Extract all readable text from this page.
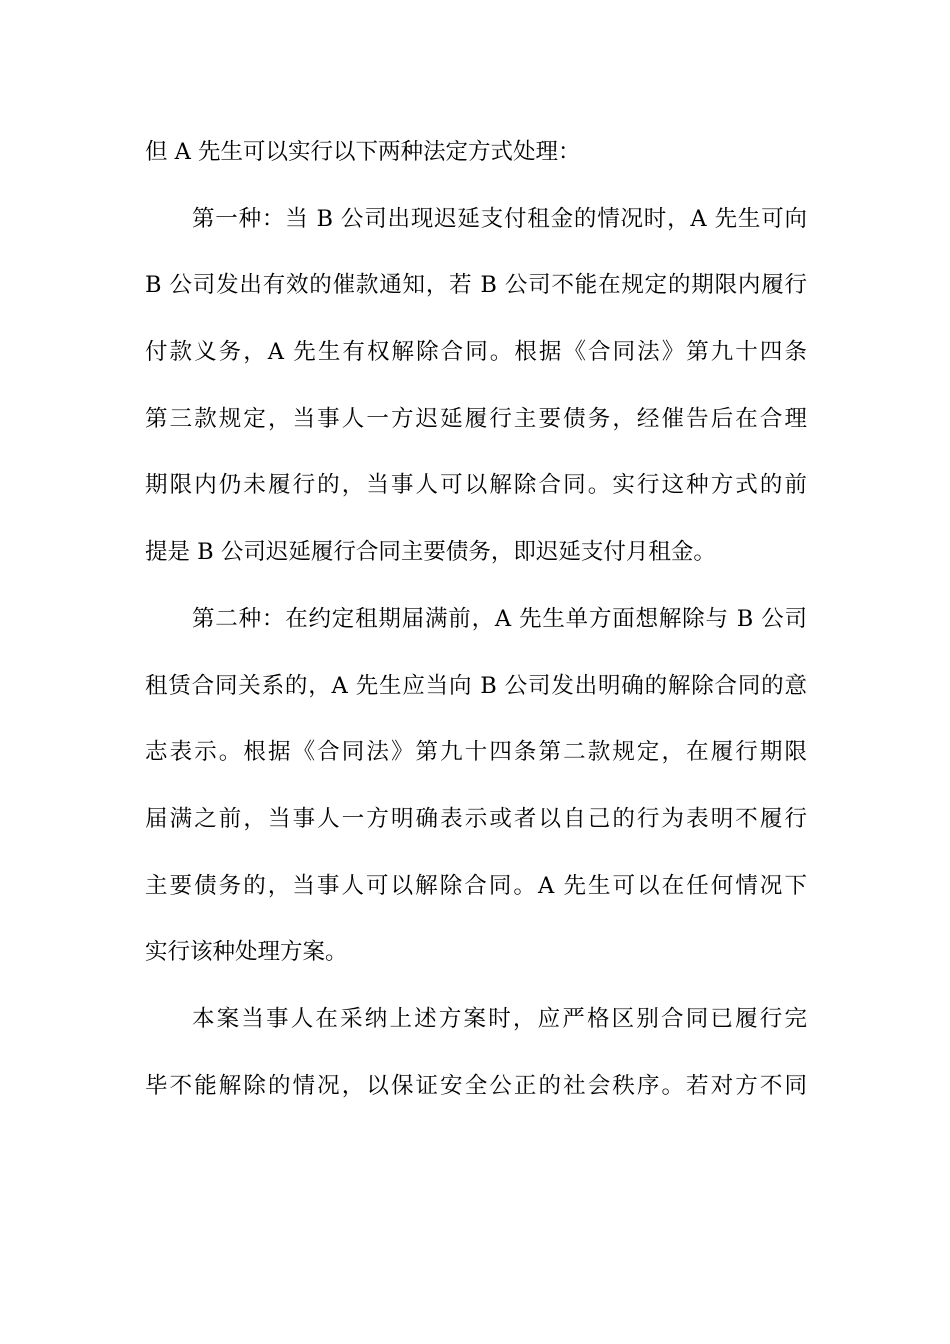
但 A 先生可以实行以下两种法定方式处理：
第一种：当 B 公司出现迟延支付租金的情况时，A 先生可向
B 公司发出有效的催款通知，若 B 公司不能在规定的期限内履行
付款义务，A 先生有权解除合同。根据《合同法》第九十四条
第三款规定，当事人一方迟延履行主要债务，经催告后在合理
期限内仍未履行的，当事人可以解除合同。实行这种方式的前
提是 B 公司迟延履行合同主要债务，即迟延支付月租金。
第二种：在约定租期届满前，A 先生单方面想解除与 B 公司
租赁合同关系的，A 先生应当向 B 公司发出明确的解除合同的意
志表示。根据《合同法》第九十四条第二款规定，在履行期限
届满之前，当事人一方明确表示或者以自己的行为表明不履行
主要债务的，当事人可以解除合同。A 先生可以在任何情况下
实行该种处理方案。
本案当事人在采纳上述方案时，应严格区别合同已履行完
毕不能解除的情况，以保证安全公正的社会秩序。若对方不同
